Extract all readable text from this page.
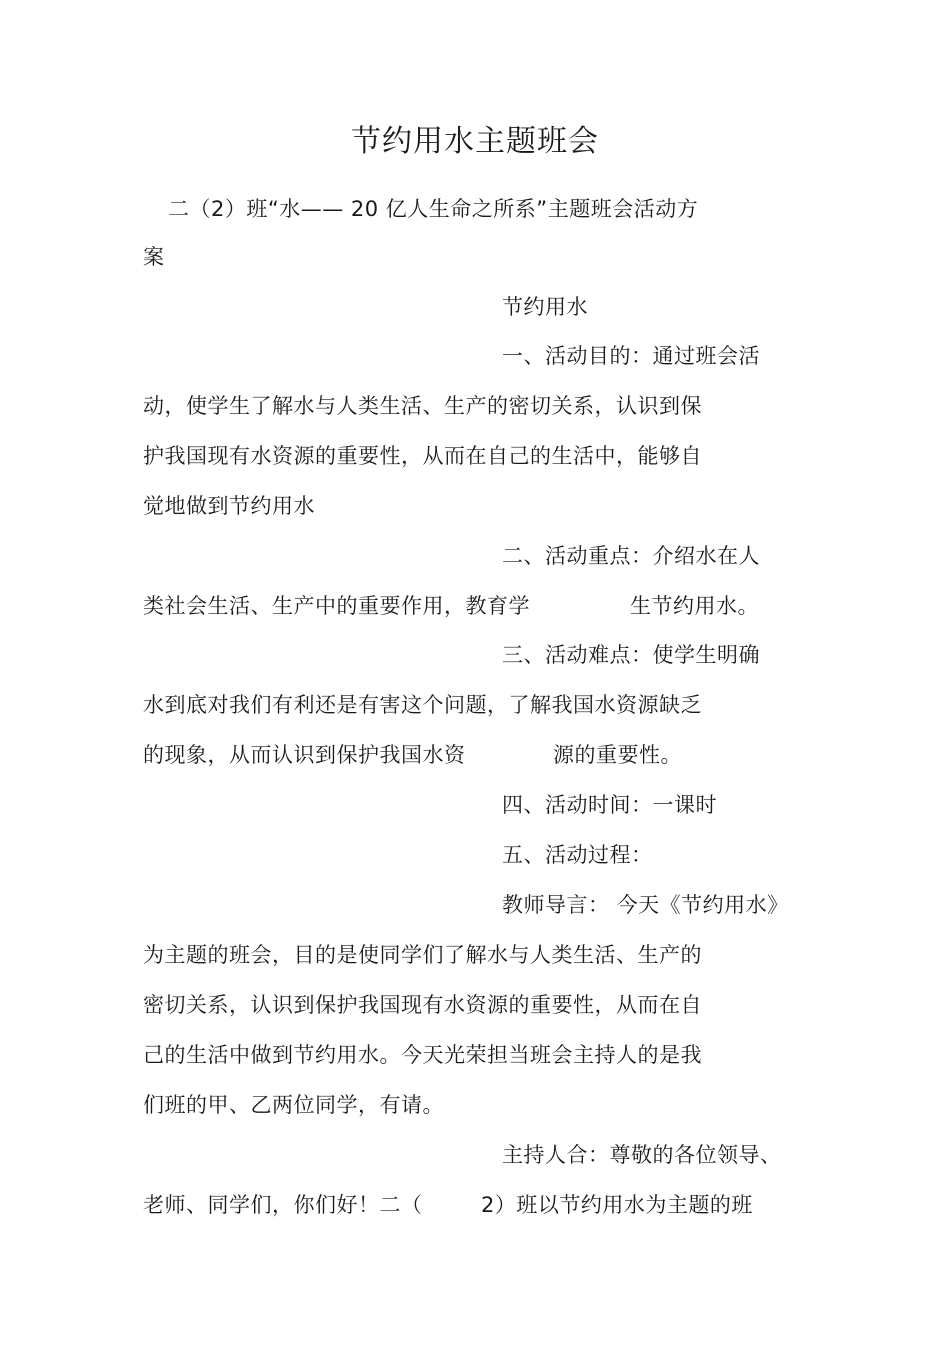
节约用水主题班会
二（2）班“水—— 20 亿人生命之所系”主题班会活动方
案
节约用水
一、活动目的：通过班会活
动，使学生了解水与人类生活、生产的密切关系，认识到保
护我国现有水资源的重要性，从而在自己的生活中，能够自
觉地做到节约用水
二、活动重点：介绍水在人
类社会生活、生产中的重要作用，教育学	生节约用水。
三、活动难点：使学生明确
水到底对我们有利还是有害这个问题，了解我国水资源缺乏
的现象，从而认识到保护我国水资	源的重要性。
四、活动时间：一课时
五、活动过程：
教师导言： 今天《节约用水》
为主题的班会，目的是使同学们了解水与人类生活、生产的
密切关系，认识到保护我国现有水资源的重要性，从而在自
己的生活中做到节约用水。今天光荣担当班会主持人的是我
们班的甲、乙两位同学，有请。
主持人合：尊敬的各位领导、
老师、同学们，你们好！二（	2）班以节约用水为主题的班
